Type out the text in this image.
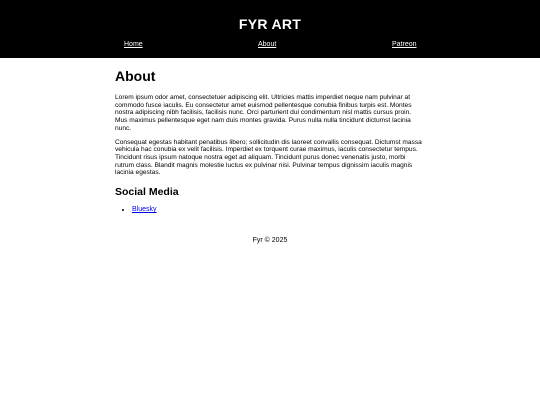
FYR ART
Home	About	Patreon
About

Lorem ipsum odor amet, consectetuer adipiscing elit. Ultricies mattis imperdiet neque nam pulvinar at commodo fusce iaculis. Eu consectetur amet euismod pellentesque conubia finibus turpis est. Montes nostra adipiscing nibh facilisis, facilisis nunc. Orci parturient dui condimentum nisl mattis cursus proin. Mus maximus pellentesque eget nam duis montes gravida. Purus nulla nulla tincidunt dictumst lacinia nunc.

Consequat egestas habitant penatibus libero; sollicitudin dis laoreet convallis consequat. Dictumst massa vehicula hac conubia ex velit facilisis. Imperdiet ex torquent curae maximus, iaculis consectetur tempus. Tincidunt risus ipsum natoque nostra eget ad aliquam. Tincidunt purus donec venenatis justo, morbi rutrum class. Blandit magnis molestie luctus ex pulvinar nisi. Pulvinar tempus dignissim iaculis magnis lacinia egestas.

Social Media
• Bluesky
Fyr © 2025
